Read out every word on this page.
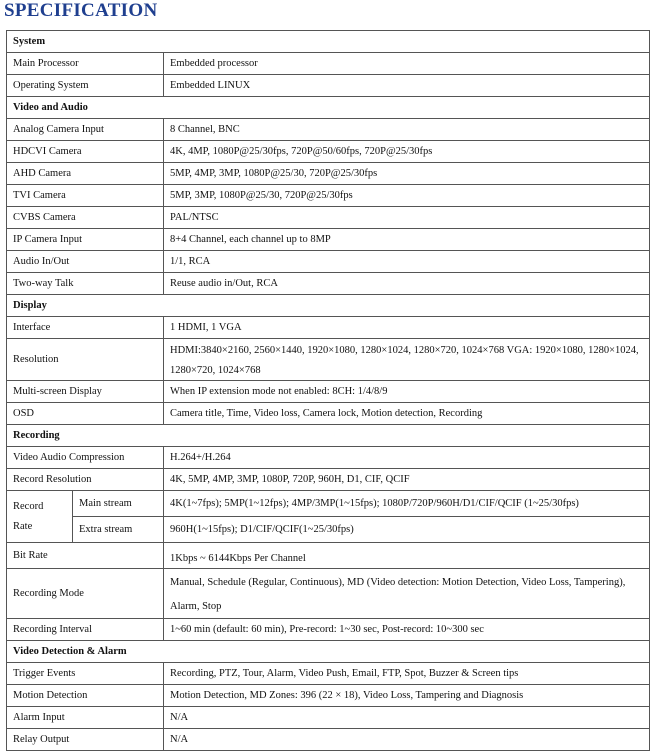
SPECIFICATION
System		
Main Processor		Embedded processor
Operating System		Embedded LINUX
Video and Audio		
Analog Camera Input		8 Channel, BNC
HDCVI Camera		4K, 4MP, 1080P@25/30fps, 720P@50/60fps, 720P@25/30fps
AHD Camera		5MP, 4MP, 3MP, 1080P@25/30, 720P@25/30fps
TVI Camera		5MP, 3MP, 1080P@25/30, 720P@25/30fps
CVBS Camera		PAL/NTSC
IP Camera Input		8+4 Channel, each channel up to 8MP
Audio In/Out		1/1, RCA
Two-way Talk		Reuse audio in/Out, RCA
Display		
Interface		1 HDMI, 1 VGA
Resolution		HDMI:3840×2160, 2560×1440, 1920×1080, 1280×1024, 1280×720, 1024×768 VGA: 1920×1080, 1280×1024,
1280×720, 1024×768

Multi-screen Display		When IP extension mode not enabled: 8CH: 1/4/8/9
OSD		Camera title, Time, Video loss, Camera lock, Motion detection, Recording
Recording		
Video Audio Compression		H.264+/H.264
Record Resolution		4K, 5MP, 4MP, 3MP, 1080P, 720P, 960H, D1, CIF, QCIF

Record
Rate	Main stream	4K(1~7fps); 5MP(1~12fps); 4MP/3MP(1~15fps); 1080P/720P/960H/D1/CIF/QCIF (1~25/30fps)
	Extra stream	960H(1~15fps); D1/CIF/QCIF(1~25/30fps)
Bit Rate		1Kbps ~ 6144Kbps Per Channel
Recording Mode		Manual, Schedule (Regular, Continuous), MD (Video detection: Motion Detection, Video Loss, Tampering),
Alarm, Stop

Recording Interval		1~60 min (default: 60 min), Pre-record: 1~30 sec, Post-record: 10~300 sec
Video Detection & Alarm		
Trigger Events		Recording, PTZ, Tour, Alarm, Video Push, Email, FTP, Spot, Buzzer & Screen tips
Motion Detection		Motion Detection, MD Zones: 396 (22 × 18), Video Loss, Tampering and Diagnosis
Alarm Input		N/A
Relay Output		N/A
